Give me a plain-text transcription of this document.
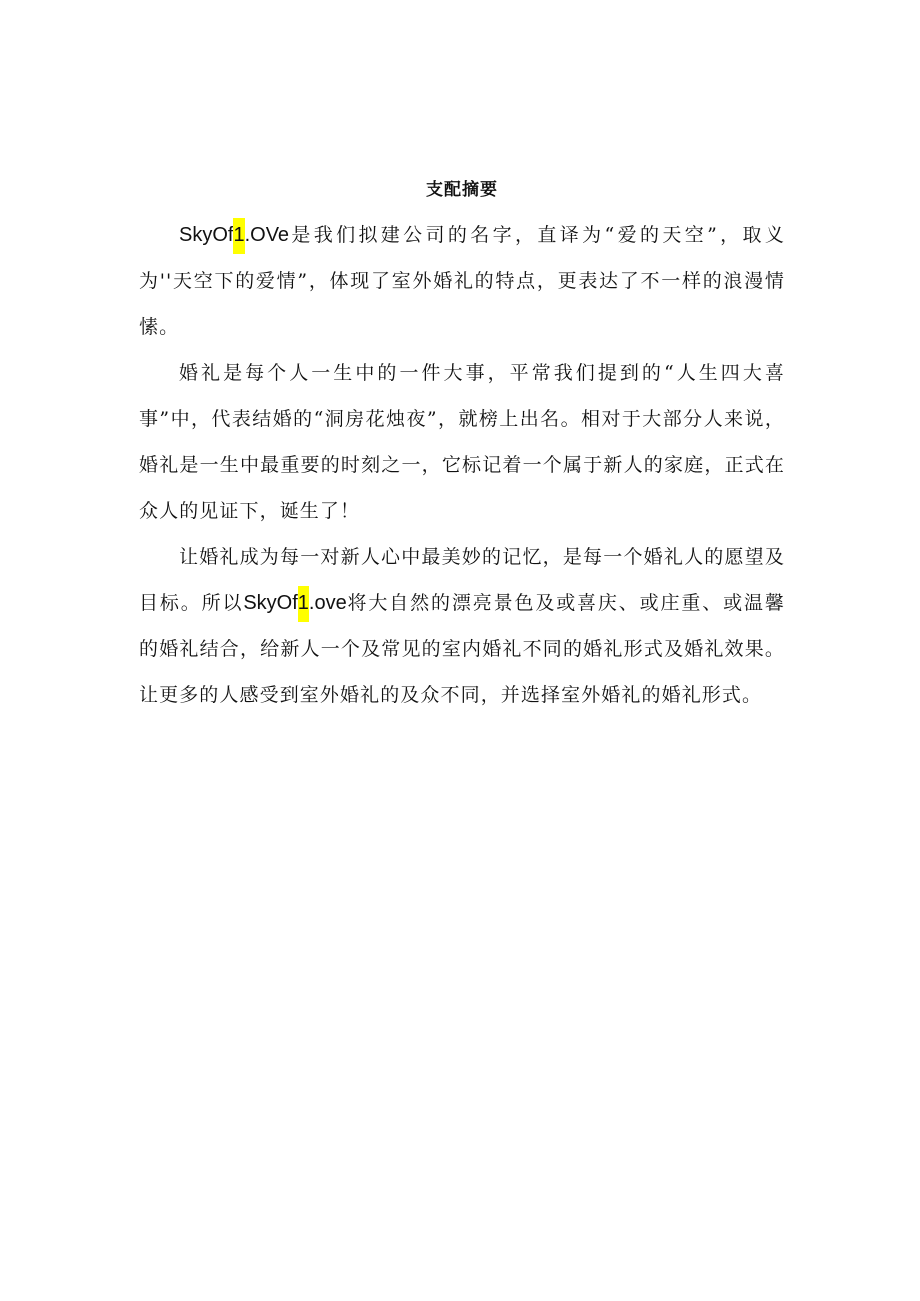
支配摘要

SkyOf1.OVe是我们拟建公司的名字，直译为“爱的天空”，取义为''天空下的爱情”，体现了室外婚礼的特点，更表达了不一样的浪漫情愫。

婚礼是每个人一生中的一件大事，平常我们提到的“人生四大喜事”中，代表结婚的“洞房花烛夜”，就榜上出名。相对于大部分人来说，婚礼是一生中最重要的时刻之一，它标记着一个属于新人的家庭，正式在众人的见证下，诞生了！

让婚礼成为每一对新人心中最美妙的记忆，是每一个婚礼人的愿望及目标。所以SkyOf1.ove将大自然的漂亮景色及或喜庆、或庄重、或温馨的婚礼结合，给新人一个及常见的室内婚礼不同的婚礼形式及婚礼效果。让更多的人感受到室外婚礼的及众不同，并选择室外婚礼的婚礼形式。
